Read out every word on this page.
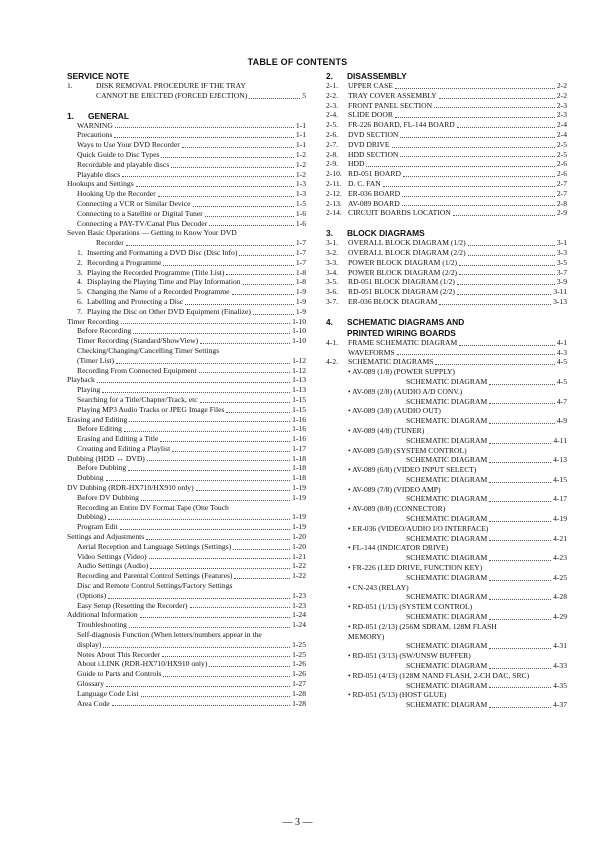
TABLE OF CONTENTS
SERVICE NOTE
1.	DISK REMOVAL PROCEDURE IF THE TRAY
CANNOT BE EJECTED (FORCED EJECTION)	5
1.	GENERAL
WARNING	1-1
Precautions	1-1
Ways to Use Your DVD Recorder	1-1
Quick Guide to Disc Types	1-2
Recordable and playable discs	1-2
Playable discs	1-2
Hookups and Settings	1-3
Hooking Up the Recorder	1-3
Connecting a VCR or Similar Device	1-5
Connecting to a Satellite or Digital Tuner	1-6
Connecting a PAY-TV/Canal Plus Decoder	1-6
Seven Basic Operations — Getting to Know Your DVD
Recorder	1-7
1. Inserting and Formatting a DVD Disc (Disc Info)	1-7
2. Recording a Programme	1-7
3. Playing the Recorded Programme (Title List)	1-8
4. Displaying the Playing Time and Play Information	1-8
5. Changing the Name of a Recorded Programme	1-9
6. Labelling and Protecting a Disc	1-9
7. Playing the Disc on Other DVD Equipment (Finalize)	1-9
Timer Recording	1-10
Before Recording	1-10
Timer Recording (Standard/ShowView)	1-10
Checking/Changing/Cancelling Timer Settings
(Timer List)	1-12
Recording From Connected Equipment	1-12
Playback	1-13
Playing	1-13
Searching for a Title/Chapter/Track, etc	1-15
Playing MP3 Audio Tracks or JPEG Image Files	1-15
Erasing and Editing	1-16
Before Editing	1-16
Erasing and Editing a Title	1-16
Creating and Editing a Playlist	1-17
Dubbing (HDD ↔ DVD)	1-18
Before Dubbing	1-18
Dubbing	1-18
DV Dubbing (RDR-HX710/HX910 only)	1-19
Before DV Dubbing	1-19
Recording an Entire DV Format Tape (One Touch
Dubbing)	1-19
Program Edit	1-19
Settings and Adjustments	1-20
Aerial Reception and Language Settings (Settings)	1-20
Video Settings (Video)	1-21
Audio Settings (Audio)	1-22
Recording and Parental Control Settings (Features)	1-22
Disc and Remote Control Settings/Factory Settings
(Options)	1-23
Easy Setup (Resetting the Recorder)	1-23
Additional Information	1-24
Troubleshooting	1-24
Self-diagnosis Function (When letters/numbers appear in the
display)	1-25
Notes About This Recorder	1-25
About i.LINK (RDR-HX710/HX910 only)	1-26
Guide to Parts and Controls	1-26
Glossary	1-27
Language Code List	1-28
Area Code	1-28
2.	DISASSEMBLY
2-1.	UPPER CASE	2-2
2-2.	TRAY COVER ASSEMBLY	2-2
2-3.	FRONT PANEL SECTION	2-3
2-4.	SLIDE DOOR	2-3
2-5.	FR-226 BOARD, FL-144 BOARD	2-4
2-6.	DVD SECTION	2-4
2-7.	DVD DRIVE	2-5
2-8.	HDD SECTION	2-5
2-9.	HDD	2-6
2-10. RD-051 BOARD	2-6
2-11. D. C. FAN	2-7
2-12. ER-036 BOARD	2-7
2-13. AV-089 BOARD	2-8
2-14. CIRCUIT BOARDS LOCATION	2-9
3.	BLOCK DIAGRAMS
3-1.	OVERALL BLOCK DIAGRAM (1/2)	3-1
3-2.	OVERALL BLOCK DIAGRAM (2/2)	3-3
3-3.	POWER BLOCK DIAGRAM (1/2)	3-5
3-4.	POWER BLOCK DIAGRAM (2/2)	3-7
3-5.	RD-051 BLOCK DIAGRAM (1/2)	3-9
3-6.	RD-051 BLOCK DIAGRAM (2/2)	3-11
3-7.	ER-036 BLOCK DIAGRAM	3-13
4.	SCHEMATIC DIAGRAMS AND
PRINTED WIRING BOARDS
4-1.	FRAME SCHEMATIC DIAGRAM	4-1
WAVEFORMS	4-3
4-2.	SCHEMATIC DIAGRAMS	4-5
• AV-089 (1/8) (POWER SUPPLY)
SCHEMATIC DIAGRAM	4-5
• AV-089 (2/8) (AUDIO A/D CONV.)
SCHEMATIC DIAGRAM	4-7
• AV-089 (3/8) (AUDIO OUT)
SCHEMATIC DIAGRAM	4-9
• AV-089 (4/8) (TUNER)
SCHEMATIC DIAGRAM	4-11
• AV-089 (5/8) (SYSTEM CONTROL)
SCHEMATIC DIAGRAM	4-13
• AV-089 (6/8) (VIDEO INPUT SELECT)
SCHEMATIC DIAGRAM	4-15
• AV-089 (7/8) (VIDEO AMP)
SCHEMATIC DIAGRAM	4-17
• AV-089 (8/8) (CONNECTOR)
SCHEMATIC DIAGRAM	4-19
• ER-036 (VIDEO/AUDIO I/O INTERFACE)
SCHEMATIC DIAGRAM	4-21
• FL-144 (INDICATOR DRIVE)
SCHEMATIC DIAGRAM	4-23
• FR-226 (LED DRIVE, FUNCTION KEY)
SCHEMATIC DIAGRAM	4-25
• CN-243 (RELAY)
SCHEMATIC DIAGRAM	4-28
• RD-051 (1/13) (SYSTEM CONTROL)
SCHEMATIC DIAGRAM	4-29
• RD-051 (2/13) (256M SDRAM, 128M FLASH
MEMORY)
SCHEMATIC DIAGRAM	4-31
• RD-051 (3/13) (SW/UNSW BUFFER)
SCHEMATIC DIAGRAM	4-33
• RD-051 (4/13) (128M NAND FLASH, 2-CH DAC, SRC)
SCHEMATIC DIAGRAM	4-35
• RD-051 (5/13) (HOST GLUE)
SCHEMATIC DIAGRAM	4-37
— 3 —
